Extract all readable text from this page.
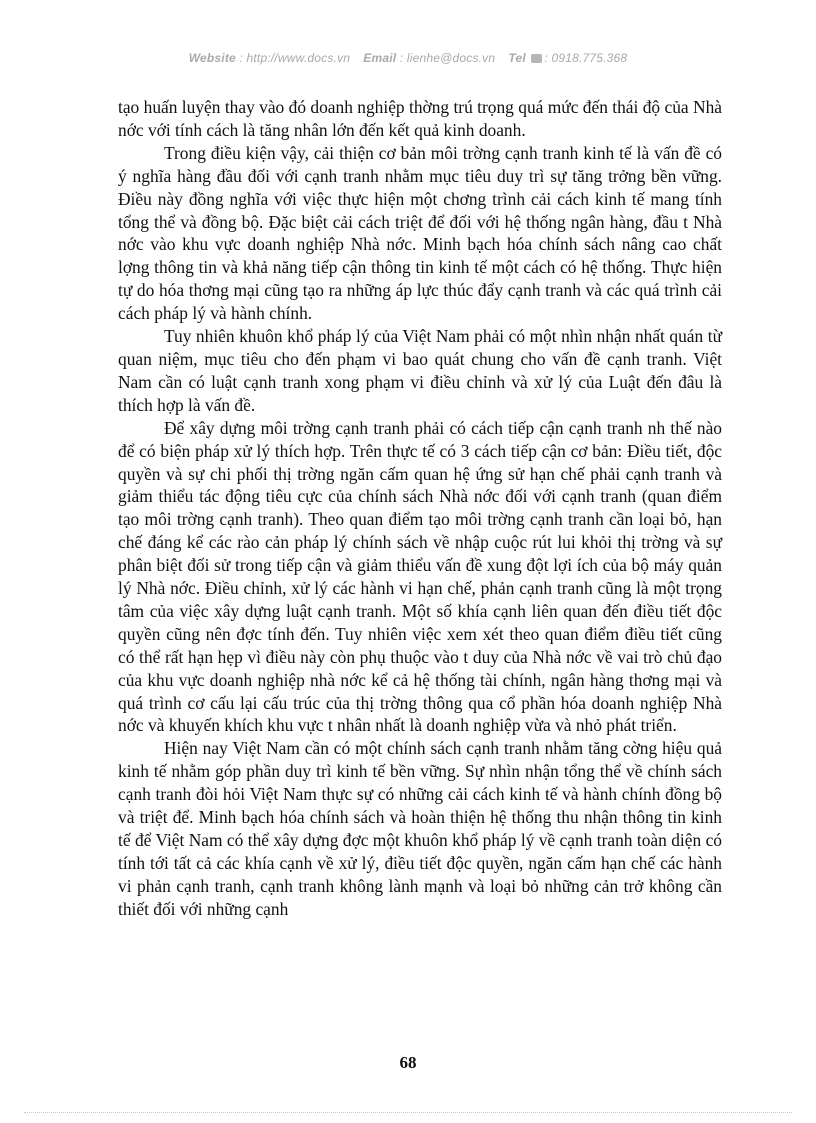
Website : http://www.docs.vn Email : lienhe@docs.vn Tel : 0918.775.368

tạo huấn luyện thay vào đó doanh nghiệp thờng trú trọng quá mức đến thái độ của Nhà nớc với tính cách là tăng nhân lớn đến kết quả kinh doanh.

Trong điều kiện vậy, cải thiện cơ bản môi trờng cạnh tranh kinh tế là vấn đề có ý nghĩa hàng đầu đối với cạnh tranh nhằm mục tiêu duy trì sự tăng trởng bền vững. Điều này đồng nghĩa với việc thực hiện một chơng trình cải cách kinh tế mang tính tổng thể và đồng bộ. Đặc biệt cải cách triệt để đối với hệ thống ngân hàng, đầu t Nhà nớc vào khu vực doanh nghiệp Nhà nớc. Minh bạch hóa chính sách nâng cao chất lợng thông tin và khả năng tiếp cận thông tin kinh tế một cách có hệ thống. Thực hiện tự do hóa thơng mại cũng tạo ra những áp lực thúc đẩy cạnh tranh và các quá trình cải cách pháp lý và hành chính.

Tuy nhiên khuôn khổ pháp lý của Việt Nam phải có một nhìn nhận nhất quán từ quan niệm, mục tiêu cho đến phạm vi bao quát chung cho vấn đề cạnh tranh. Việt Nam cần có luật cạnh tranh xong phạm vi điều chỉnh và xử lý của Luật đến đâu là thích hợp là vấn đề.

Để xây dựng môi trờng cạnh tranh phải có cách tiếp cận cạnh tranh nh thế nào để có biện pháp xử lý thích hợp. Trên thực tế có 3 cách tiếp cận cơ bản: Điều tiết, độc quyền và sự chi phối thị trờng ngăn cấm quan hệ ứng sử hạn chế phải cạnh tranh và giảm thiểu tác động tiêu cực của chính sách Nhà nớc đối với cạnh tranh (quan điểm tạo môi trờng cạnh tranh). Theo quan điểm tạo môi trờng cạnh tranh cần loại bỏ, hạn chế đáng kể các rào cản pháp lý chính sách về nhập cuộc rút lui khỏi thị trờng và sự phân biệt đối sử trong tiếp cận và giảm thiểu vấn đề xung đột lợi ích của bộ máy quản lý Nhà nớc. Điều chỉnh, xử lý các hành vi hạn chế, phản cạnh tranh cũng là một trọng tâm của việc xây dựng luật cạnh tranh. Một số khía cạnh liên quan đến điều tiết độc quyền cũng nên đợc tính đến. Tuy nhiên việc xem xét theo quan điểm điều tiết cũng có thể rất hạn hẹp vì điều này còn phụ thuộc vào t duy của Nhà nớc về vai trò chủ đạo của khu vực doanh nghiệp nhà nớc kể cả hệ thống tài chính, ngân hàng thơng mại và quá trình cơ cấu lại cấu trúc của thị trờng thông qua cổ phần hóa doanh nghiệp Nhà nớc và khuyến khích khu vực t nhân nhất là doanh nghiệp vừa và nhỏ phát triển.

Hiện nay Việt Nam cần có một chính sách cạnh tranh nhằm tăng cờng hiệu quả kinh tế nhằm góp phần duy trì kinh tế bền vững. Sự nhìn nhận tổng thể về chính sách cạnh tranh đòi hỏi Việt Nam thực sự có những cải cách kinh tế và hành chính đồng bộ và triệt để. Minh bạch hóa chính sách và hoàn thiện hệ thống thu nhận thông tin kinh tế để Việt Nam có thể xây dựng đợc một khuôn khổ pháp lý về cạnh tranh toàn diện có tính tới tất cả các khía cạnh về xử lý, điều tiết độc quyền, ngăn cấm hạn chế các hành vi phản cạnh tranh, cạnh tranh không lành mạnh và loại bỏ những cản trở không cần thiết đối với những cạnh

68
